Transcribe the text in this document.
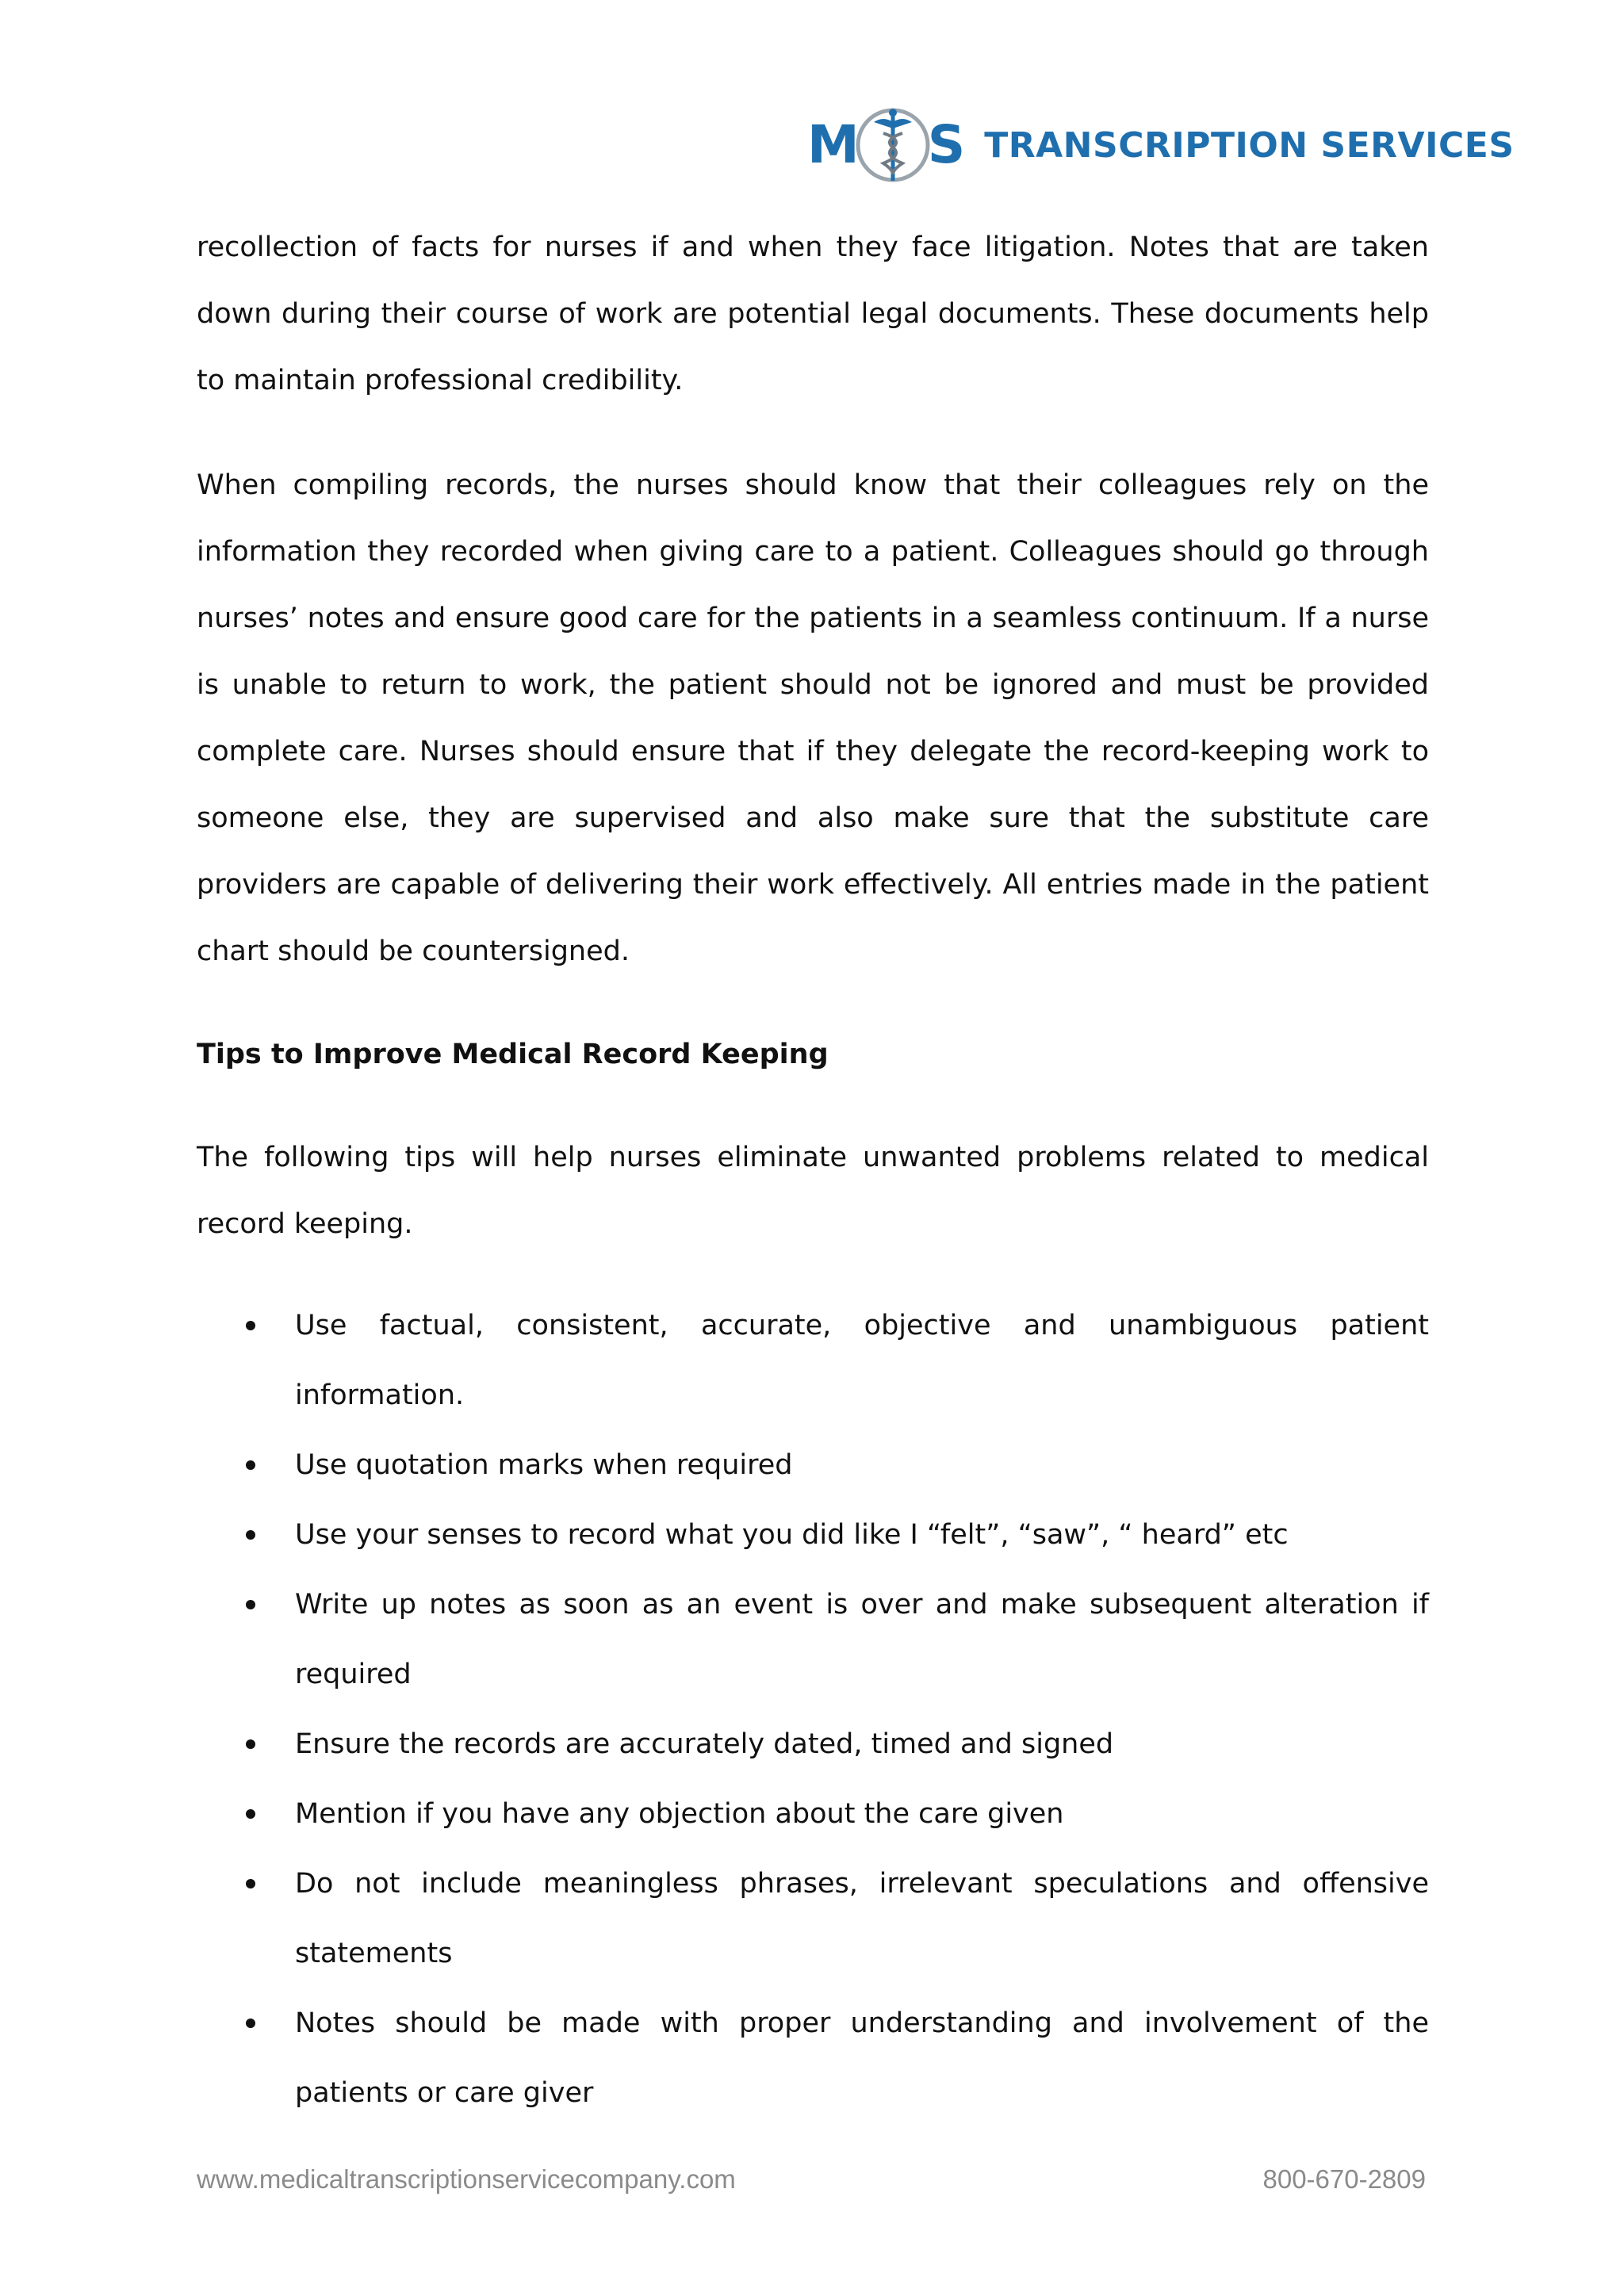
M S TRANSCRIPTION SERVICES

recollection of facts for nurses if and when they face litigation. Notes that are taken down during their course of work are potential legal documents. These documents help to maintain professional credibility.

When compiling records, the nurses should know that their colleagues rely on the information they recorded when giving care to a patient. Colleagues should go through nurses’ notes and ensure good care for the patients in a seamless continuum. If a nurse is unable to return to work, the patient should not be ignored and must be provided complete care. Nurses should ensure that if they delegate the record-keeping work to someone else, they are supervised and also make sure that the substitute care providers are capable of delivering their work effectively. All entries made in the patient chart should be countersigned.

Tips to Improve Medical Record Keeping

The following tips will help nurses eliminate unwanted problems related to medical record keeping.

Use factual, consistent, accurate, objective and unambiguous patient information.
Use quotation marks when required
Use your senses to record what you did like I “felt”, “saw”, “ heard” etc
Write up notes as soon as an event is over and make subsequent alteration if required
Ensure the records are accurately dated, timed and signed
Mention if you have any objection about the care given
Do not include meaningless phrases, irrelevant speculations and offensive statements
Notes should be made with proper understanding and involvement of the patients or care giver
www.medicaltranscriptionservicecompany.com	800-670-2809
